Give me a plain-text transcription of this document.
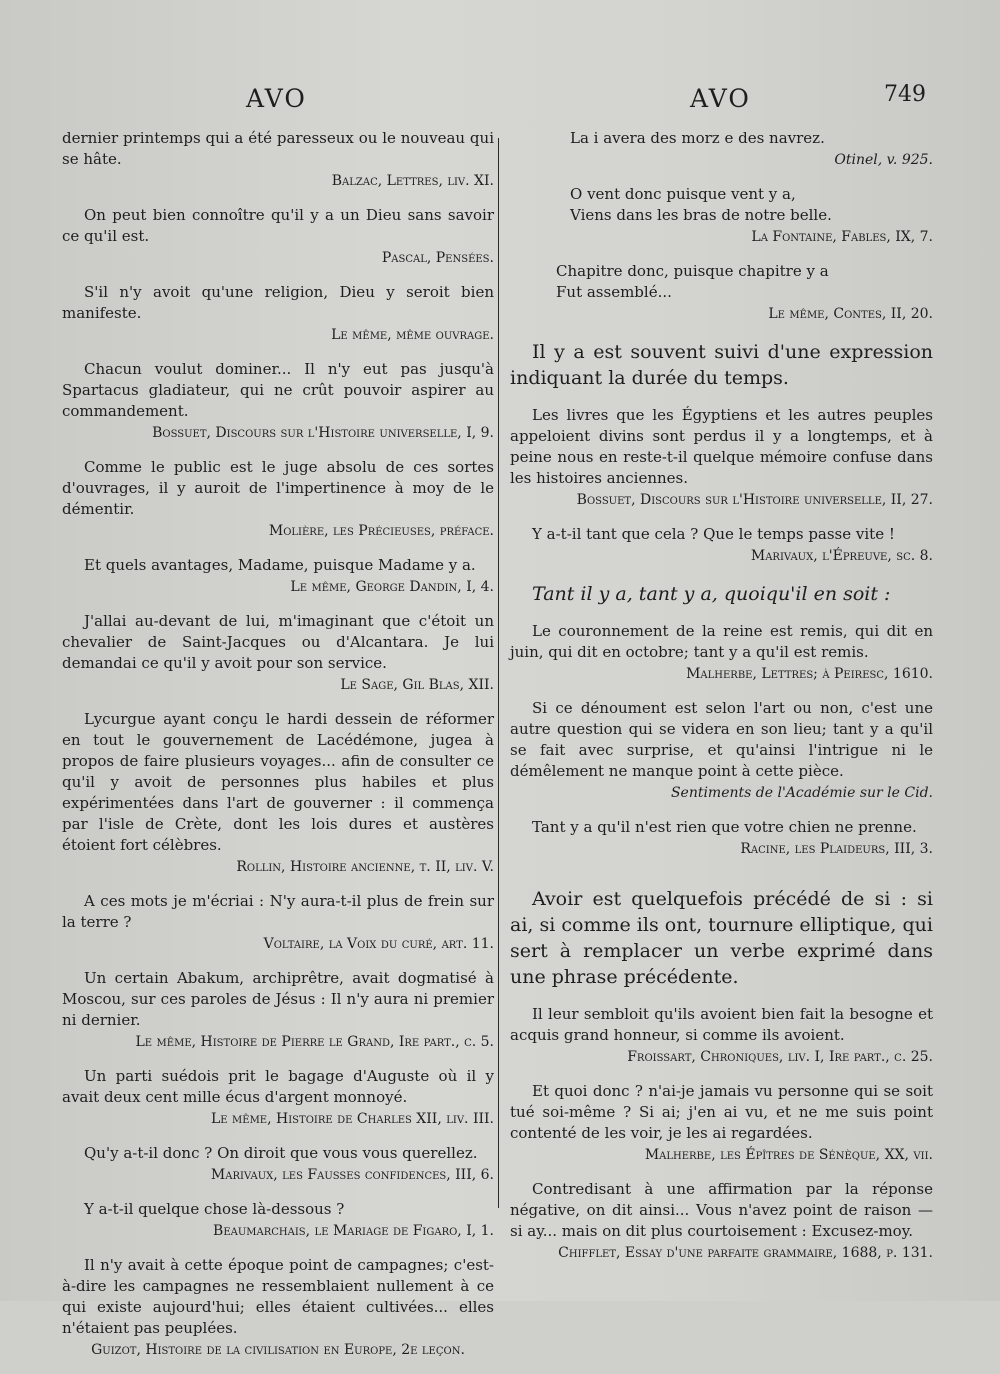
AVO	AVO	749

dernier printemps qui a été paresseux ou le nouveau qui se hâte.

Balzac, Lettres, liv. XI.

On peut bien connoître qu'il y a un Dieu sans savoir ce qu'il est.

Pascal, Pensées.

S'il n'y avoit qu'une religion, Dieu y seroit bien manifeste.

Le même, même ouvrage.

Chacun voulut dominer... Il n'y eut pas jusqu'à Spartacus gladiateur, qui ne crût pouvoir aspirer au commandement.

Bossuet, Discours sur l'Histoire universelle, I, 9.

Comme le public est le juge absolu de ces sortes d'ouvrages, il y auroit de l'impertinence à moy de le démentir.

Molière, les Précieuses, préface.

Et quels avantages, Madame, puisque Madame y a.

Le même, George Dandin, I, 4.

J'allai au-devant de lui, m'imaginant que c'étoit un chevalier de Saint-Jacques ou d'Alcantara. Je lui demandai ce qu'il y avoit pour son service.

Le Sage, Gil Blas, XII.

Lycurgue ayant conçu le hardi dessein de réformer en tout le gouvernement de Lacédémone, jugea à propos de faire plusieurs voyages... afin de consulter ce qu'il y avoit de personnes plus habiles et plus expérimentées dans l'art de gouverner : il commença par l'isle de Crète, dont les lois dures et austères étoient fort célèbres.

Rollin, Histoire ancienne, t. II, liv. V.

A ces mots je m'écriai : N'y aura-t-il plus de frein sur la terre ?

Voltaire, la Voix du curé, art. 11.

Un certain Abakum, archiprêtre, avait dogmatisé à Moscou, sur ces paroles de Jésus : Il n'y aura ni premier ni dernier.

Le même, Histoire de Pierre le Grand, Ire part., c. 5.

Un parti suédois prit le bagage d'Auguste où il y avait deux cent mille écus d'argent monnoyé.

Le même, Histoire de Charles XII, liv. III.

Qu'y a-t-il donc ? On diroit que vous vous querellez.

Marivaux, les Fausses confidences, III, 6.

Y a-t-il quelque chose là-dessous ?

Beaumarchais, le Mariage de Figaro, I, 1.

Il n'y avait à cette époque point de campagnes; c'est-à-dire les campagnes ne ressemblaient nullement à ce qui existe aujourd'hui; elles étaient cultivées... elles n'étaient pas peuplées.

Guizot, Histoire de la civilisation en Europe, 2e leçon.

La i avera des morz e des navrez.

Otinel, v. 925.

O vent donc puisque vent y a,

Viens dans les bras de notre belle.

La Fontaine, Fables, IX, 7.

Chapitre donc, puisque chapitre y a

Fut assemblé...

Le même, Contes, II, 20.

Il y a est souvent suivi d'une expression indiquant la durée du temps.

Les livres que les Égyptiens et les autres peuples appeloient divins sont perdus il y a longtemps, et à peine nous en reste-t-il quelque mémoire confuse dans les histoires anciennes.

Bossuet, Discours sur l'Histoire universelle, II, 27.

Y a-t-il tant que cela ? Que le temps passe vite !

Marivaux, l'Épreuve, sc. 8.

Tant il y a, tant y a, quoiqu'il en soit :

Le couronnement de la reine est remis, qui dit en juin, qui dit en octobre; tant y a qu'il est remis.

Malherbe, Lettres; à Peiresc, 1610.

Si ce dénoument est selon l'art ou non, c'est une autre question qui se videra en son lieu; tant y a qu'il se fait avec surprise, et qu'ainsi l'intrigue ni le démêlement ne manque point à cette pièce.

Sentiments de l'Académie sur le Cid.

Tant y a qu'il n'est rien que votre chien ne prenne.

Racine, les Plaideurs, III, 3.

Avoir est quelquefois précédé de si : si ai, si comme ils ont, tournure elliptique, qui sert à remplacer un verbe exprimé dans une phrase précédente.

Il leur sembloit qu'ils avoient bien fait la besogne et acquis grand honneur, si comme ils avoient.

Froissart, Chroniques, liv. I, Ire part., c. 25.

Et quoi donc ? n'ai-je jamais vu personne qui se soit tué soi-même ? Si ai; j'en ai vu, et ne me suis point contenté de les voir, je les ai regardées.

Malherbe, les Épîtres de Sénèque, XX, vii.

Contredisant à une affirmation par la réponse négative, on dit ainsi... Vous n'avez point de raison — si ay... mais on dit plus courtoisement : Excusez-moy.

Chifflet, Essay d'une parfaite grammaire, 1688, p. 131.
